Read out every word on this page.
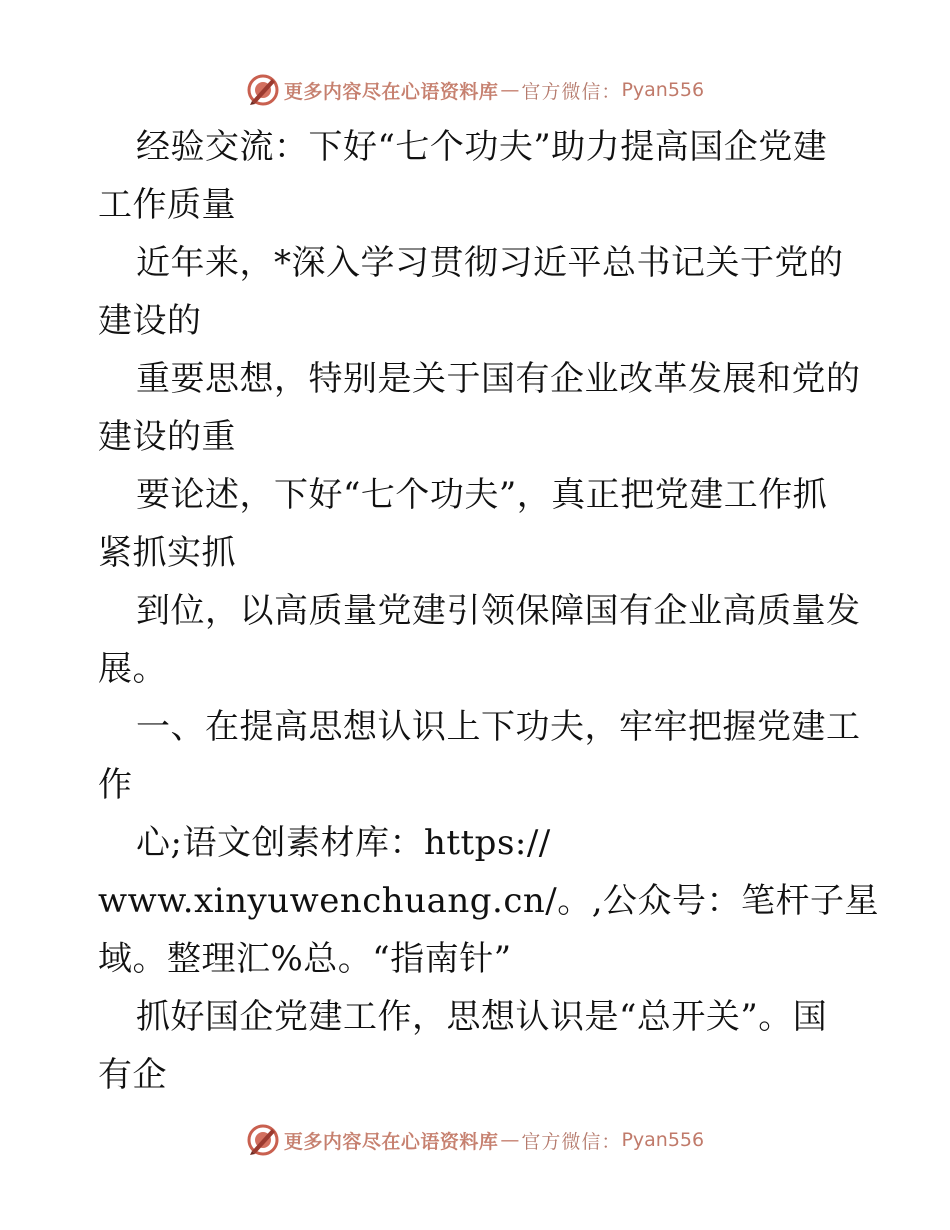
更多内容尽在心语资料库 — 官方微信： Pyan556
经验交流：下好“七个功夫”助力提高国企党建
工作质量
近年来，*深入学习贯彻习近平总书记关于党的
建设的
重要思想，特别是关于国有企业改革发展和党的
建设的重
要论述，下好“七个功夫”，真正把党建工作抓
紧抓实抓
到位，以高质量党建引领保障国有企业高质量发
展。
一、在提高思想认识上下功夫，牢牢把握党建工
作
心;语文创素材库：https://
www.xinyuwenchuang.cn/。,公众号：笔杆子星
域。整理汇%总。“指南针”
抓好国企党建工作，思想认识是“总开关”。国
有企
更多内容尽在心语资料库 — 官方微信： Pyan556
